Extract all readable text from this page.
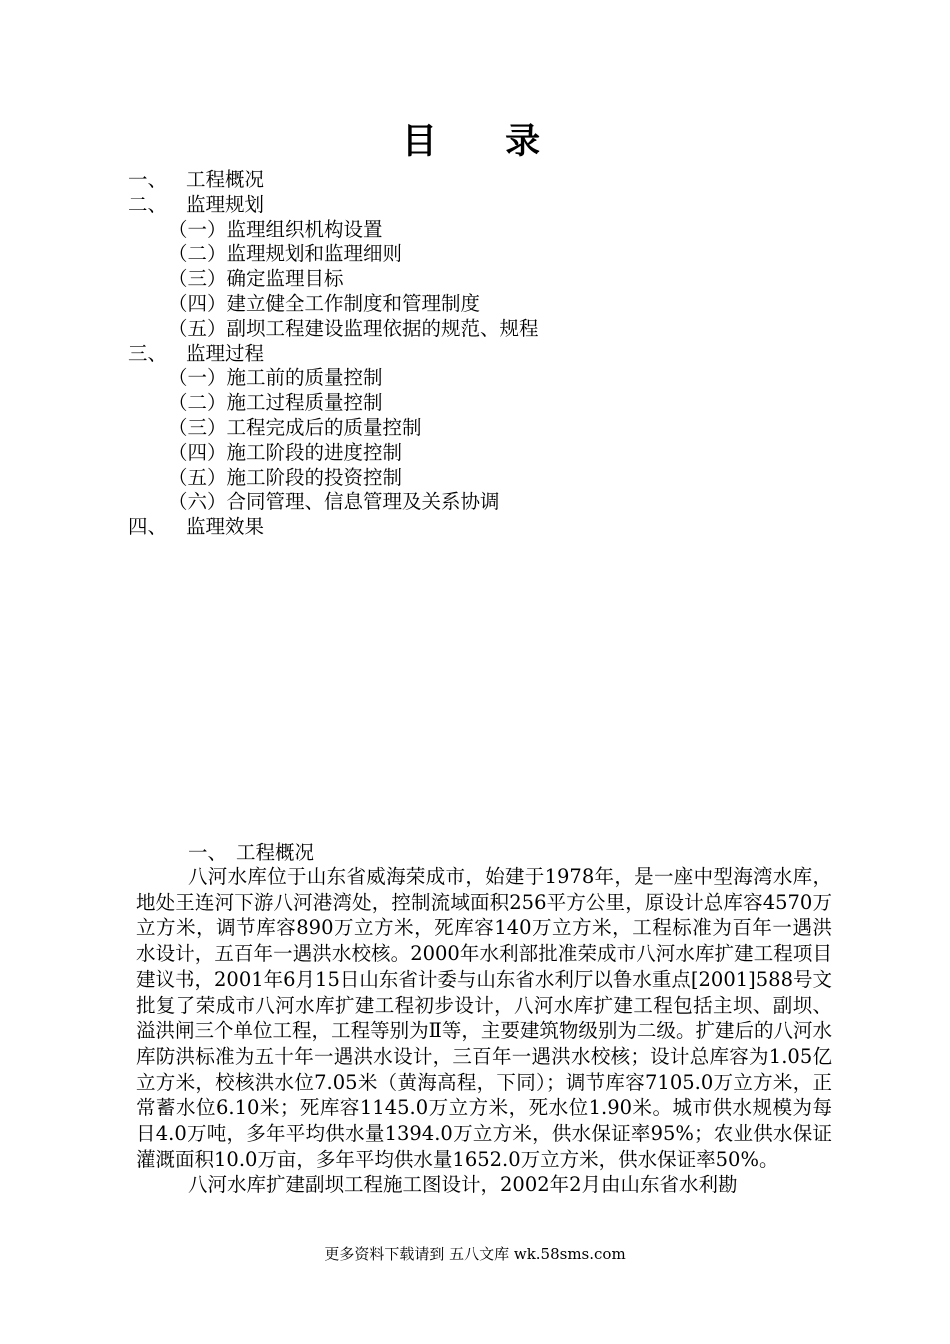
目 录
一、 工程概况
二、 监理规划
（一）监理组织机构设置
（二）监理规划和监理细则
（三）确定监理目标
（四）建立健全工作制度和管理制度
（五）副坝工程建设监理依据的规范、规程
三、 监理过程
（一）施工前的质量控制
（二）施工过程质量控制
（三）工程完成后的质量控制
（四）施工阶段的进度控制
（五）施工阶段的投资控制
（六）合同管理、信息管理及关系协调
四、 监理效果
一、 工程概况

八河水库位于山东省威海荣成市，始建于1978年，是一座中型海湾水库，地处王连河下游八河港湾处，控制流域面积256平方公里，原设计总库容4570万立方米，调节库容890万立方米，死库容140万立方米，工程标准为百年一遇洪水设计，五百年一遇洪水校核。2000年水利部批准荣成市八河水库扩建工程项目建议书，2001年6月15日山东省计委与山东省水利厅以鲁水重点[2001]588号文批复了荣成市八河水库扩建工程初步设计，八河水库扩建工程包括主坝、副坝、溢洪闸三个单位工程，工程等别为Ⅱ等，主要建筑物级别为二级。扩建后的八河水库防洪标准为五十年一遇洪水设计，三百年一遇洪水校核；设计总库容为1.05亿立方米，校核洪水位7.05米（黄海高程，下同）；调节库容7105.0万立方米，正常蓄水位6.10米；死库容1145.0万立方米，死水位1.90米。城市供水规模为每日4.0万吨，多年平均供水量1394.0万立方米，供水保证率95%；农业供水保证灌溉面积10.0万亩，多年平均供水量1652.0万立方米，供水保证率50%。

八河水库扩建副坝工程施工图设计，2002年2月由山东省水利勘

更多资料下载请到 五八文库 wk.58sms.com
